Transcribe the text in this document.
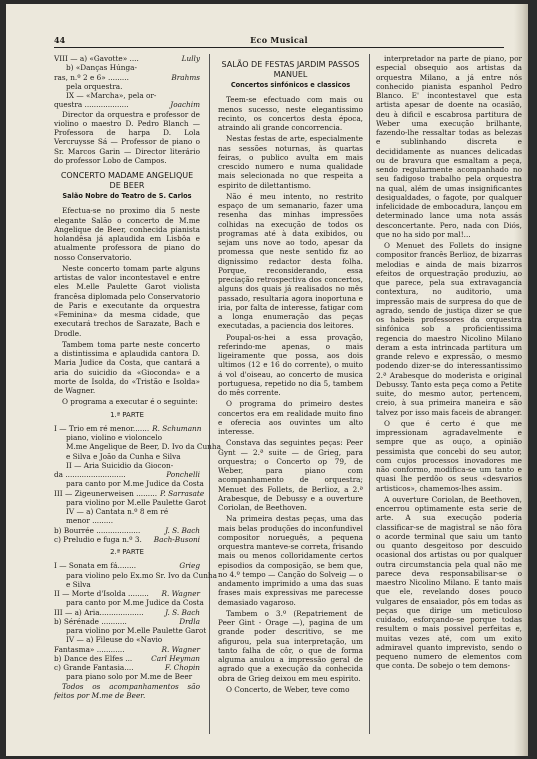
44	Eco Musical
VIII — a) «Gavotte» ....	Lully
b) «Danças Húnga-
ras, n.º 2 e 6» .........	Brahms
pela orquestra.
IX — «Marcha», pela or-
questra ...................	Joachim

Director da orquestra e professor de violino o maestro D. Pedro Blanch — Professora de harpa D. Lola Vercruysse Sá — Professor de piano o Sr. Marcos Garin — Director literário do professor Lobo de Campos.

CONCERTO MADAME ANGELIQUE DE BEER
Salão Nobre do Teatro de S. Carlos

Efectua-se no proximo dia 5 neste elegante Salão o concerto de M.me Angelique de Beer, conhecida pianista holandêsa já aplaudida em Lisbôa e atualmente professora de piano do nosso Conservatorio.

Neste concerto tomam parte alguns artistas de valor incontestavel e entre eles M.elle Paulette Garot violista francêsa diplomada pelo Conservatorio de Paris e executante da orquestra «Feminina» da mesma cidade, que executará trechos de Sarazate, Bach e Drodle.

Tambem toma parte neste concerto a distintissima e aplaudida cantora D. Maria Judice da Costa, que cantará a aria do suicidio da «Gioconda» e a morte de Isolda, do «Tristão e Isolda» de Wagner.

O programa a executar é o seguinte:

1.ª PARTE
I — Trio em ré menor....... R. Schumann
piano, violino e violoncelo
M.me Angelique de Beer, D. Ivo da Cunha
e Silva e João da Cunha e Silva
II — Aria Suicidio da Giocon-
da ..........................	Ponchelli
para canto por M.me Judice da Costa
III — Zigeunerweisen ......... P. Sarrasate
para violino por M.elle Paulette Garot
IV — a) Cantata n.º 8 em ré
menor .........
b) Bourrée ...................	J. S. Bach
c) Preludio e fuga n.º 3.	Bach-Busoni
2.ª PARTE
I — Sonata em fá........	Grieg
para violino pelo Ex.mo Sr. Ivo da Cunha
e Silva
II — Morte d'Isolda .........	R. Wagner
para canto por M.me Judice da Costa
III — a) Aria...................	J. S. Bach
b) Sérénade ...........	Drdla
para violino por M.elle Paulette Garot
IV — a) Fileuse do «Navio
Fantasma» ............	R. Wagner
b) Dance des Elfes ...	Carl Heyman
c) Grande Fantasia....	F. Chopin
para piano solo por M.me de Beer

Todos os acompanhamentos são feitos por M.me de Beer.

SALÃO DE FESTAS JARDIM PASSOS MANUEL
Concertos sinfónicos e classicos

Teem-se efectuado com mais ou menos sucesso, neste elegantissimo recinto, os concertos desta época, atraindo ali grande concorrencia.

Nestas festas de arte, especialmente nas sessões noturnas, às quartas feiras, o publico avulta em mais crescido numero e numa qualidade mais selecionada no que respeita a espirito de dilettantismo.

Não é meu intento, no restrito espaço de um semanario, fazer uma resenha das minhas impressões colhidas na execução de todos os programas até à data exibidos, ou sejam uns nove ao todo, apesar da promessa que neste sentido fiz ao dignissimo redactor desta folha. Porque, reconsiderando, essa preciação retrospectiva dos concertos, alguns dos quais já realisados no mês passado, resultaria agora inoportuna e iria, por falta de interesse, fatigar com a longa enumeração das peças executadas, a paciencia dos leitores.

Poupal-os-hei a essa provação, referindo-me apenas, o mais ligeiramente que possa, aos dois ultimos (12 e 16 do corrente), o muito á vol d'oiseau, ao concerto de musica portuguesa, repetido no dia 5, tambem do mês corrente.

O programa do primeiro destes concertos era em realidade muito fino e oferecia aos ouvintes um alto interesse.

Constava das seguintes peças: Peer Gynt — 2.ª suite — de Grieg, para orquestra; o Concerto op 79, de Weber, para piano com acompanhamento de orquestra; Menuet des Follets, de Berlioz, a 2.ª Arabesque, de Debussy e a ouverture Coriolan, de Beethoven.

Na primeira destas peças, uma das mais belas produções do inconfundivel compositor norueguês, a pequena orquestra manteve-se correta, frisando mais ou menos colloridamente certos episodios da composição, se bem que, no 4.º tempo — Canção do Solveig — o andamento imprimido a uma das suas frases mais expressivas me parecesse demasiado vagaroso.

Tambem o 3.º (Repatriement de Peer Gint - Orage —), pagina de um grande poder descritivo, se me afigurou, pela sua interpretação, um tanto falha de côr, o que de forma alguma anulou a impressão geral de agrado que a execução da conhecida obra de Grieg deixou em meu espirito.

O Concerto, de Weber, teve como

interpretador na parte de piano, por especial obsequio aos artistas da orquestra Milano, a já entre nós conhecido pianista espanhol Pedro Blanco. E' incontestavel que esta artista apesar de doente na ocasião, deu à dificil e escabrosa partitura de Weber uma execução brilhante, fazendo-lhe ressaltar todas as belezas e sublinhando discreta e decididamente as nuances delicadas ou de bravura que esmaltam a peça, sendo regularmente acompanhado no seu fadigoso trabalho pela orquestra na qual, além de umas insignificantes desigualdades, o fagote, por qualquer infelicidade de embocadura, lançou em determinado lance uma nota assás desconcertante. Pero, nada con Diós, que no ha sido por mal!...

O Menuet des Follets do insigne compositor francês Berlioz, de bizarras melodias e ainda de mais bizarros efeitos de orquestração produziu, ao que parece, pela sua extravagancia contextura, no auditorio, uma impressão mais de surpresa do que de agrado, sendo de justiça dizer se que os habeis professores da orquestra sinfónica sob a proficientissima regencia do maestro Nicolino Milano deram a esta intrincada partitura um grande relevo e expressão, o mesmo podendo dizer-se do interessantissimo 2.ª Arabesque do moderista e original Debussy. Tanto esta peça como a Petite suite, do mesmo autor, pertencem, creio, à sua primeira maneira e são talvez por isso mais faceis de abranger.

O que é certo é que me impressionam agradavelmente e sempre que as ouço, a opinião pessimista que concebi do seu autor, com cujos processos inovadores me não conformo, modifica-se um tanto e quasi lhe perdôo os seus «desvarios artisticos», chamemos-lhes assim.

A ouverture Coriolan, de Beethoven, encerrou optimamente esta serie de arte. A sua execução poderia classificar-se de magistral se não fôra o acorde terminal que saiu um tanto ou quanto desgeitoso por descuido ocasional dos artistas ou por qualquer outra circumstancia pela qual não me parece deva responsabilisar-se o maestro Nicolino Milano. E tanto mais que ele, revelando doses pouco vulgares de ensaiador, pôs em todas as peças que dirige um meticuloso cuidado, esforçando-se porque todas resultem o mais possivel perfeitas e, muitas vezes até, com um exito admiravel quanto imprevisto, sendo o pequeno numero de elementos com que conta. De sobejo o tem demons-
